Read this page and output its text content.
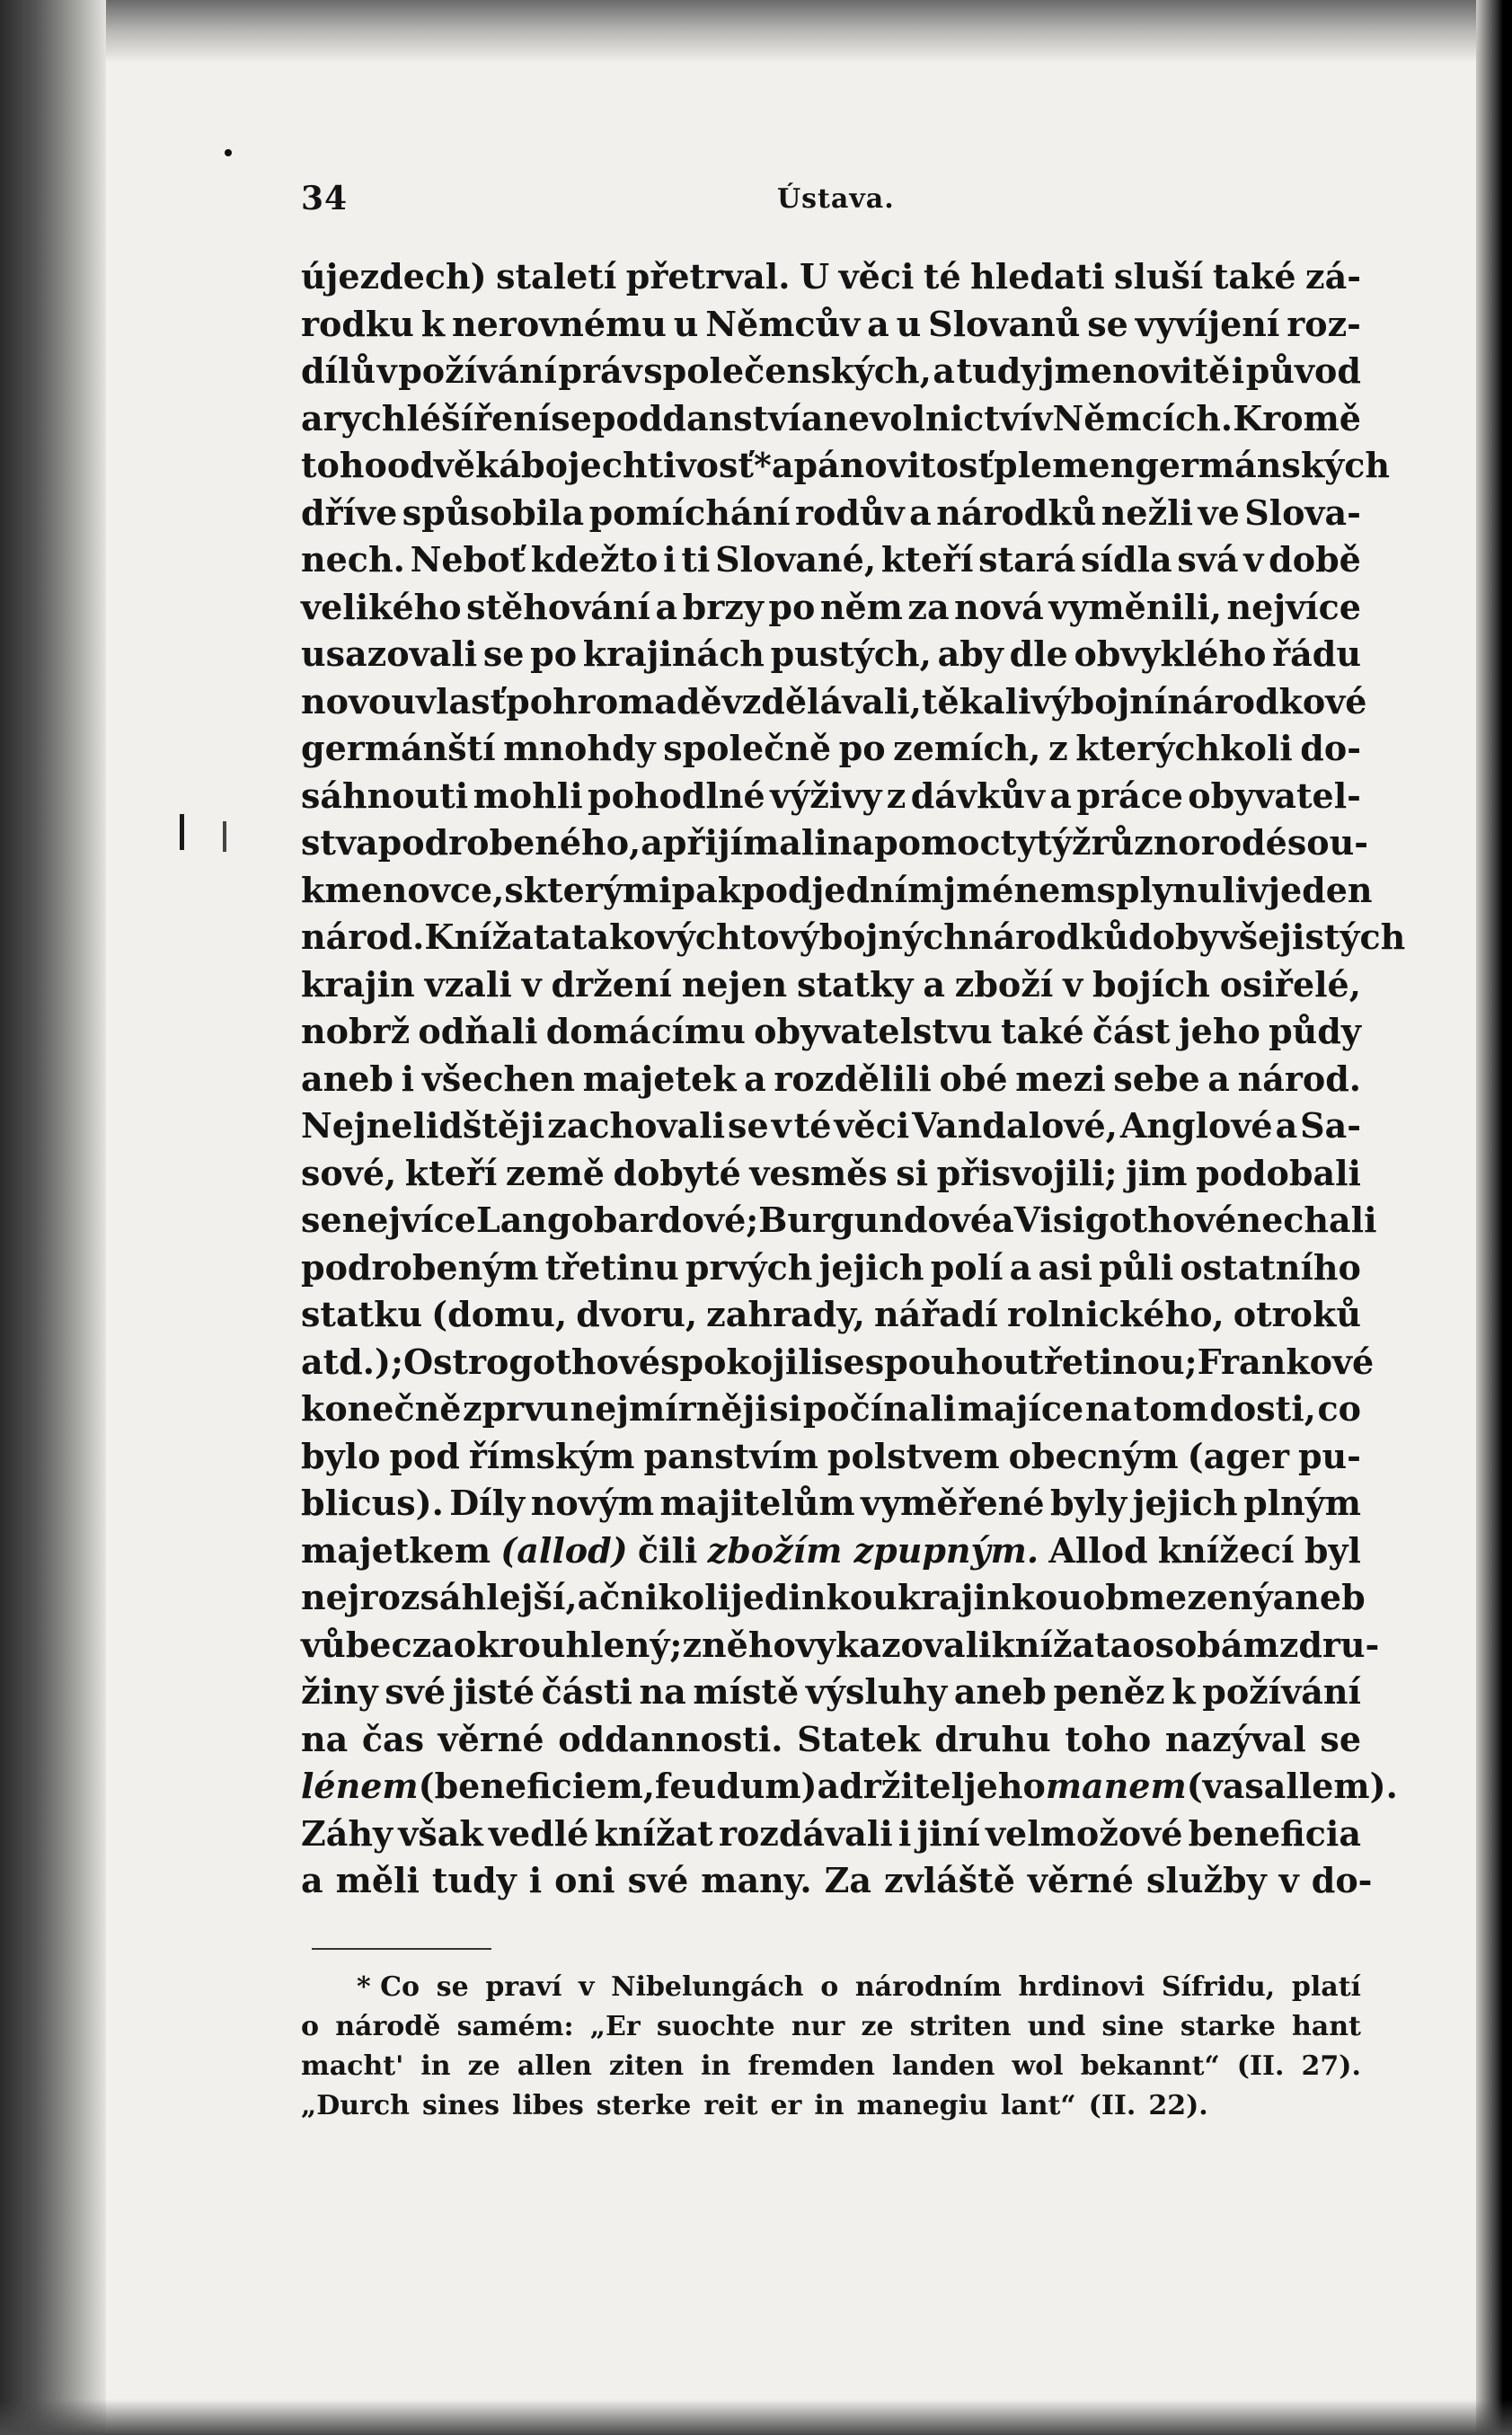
34	Ústava.
újezdech) staletí přetrval. U věci té hledati sluší také zá-
rodku k nerovnému u Němcův a u Slovanů se vyvíjení roz-
dílů v požívání práv společenských, a tudy jmenovitě i původ
a rychlé šíření se poddanství a nevolnictví v Němcích. Kromě
toho odvěká bojechtivosť* a pánovitosť plemen germánských
dříve spůsobila pomíchání rodův a národků nežli ve Slova-
nech. Neboť kdežto i ti Slované, kteří stará sídla svá v době
velikého stěhování a brzy po něm za nová vyměnili, nejvíce
usazovali se po krajinách pustých, aby dle obvyklého řádu
novou vlasť pohromadě vzdělávali, těkali výbojní národkové
germánští mnohdy společně po zemích, z kterýchkoli do-
sáhnouti mohli pohodlné výživy z dávkův a práce obyvatel-
stva podrobeného, a přijímali na pomoc tytýž různorodé sou-
kmenovce, s kterými pak pod jedním jménem splynuli v jeden
národ. Knížata takovýchto výbojných národků dobyvše jistých
krajin vzali v držení nejen statky a zboží v bojích osiřelé,
nobrž odňali domácímu obyvatelstvu také část jeho půdy
aneb i všechen majetek a rozdělili obé mezi sebe a národ.
Nejnelidštěji zachovali se v té věci Vandalové, Anglové a Sa-
sové, kteří země dobyté vesměs si přisvojili; jim podobali
se nejvíce Langobardové; Burgundové a Visigothové nechali
podrobeným třetinu prvých jejich polí a asi půli ostatního
statku (domu, dvoru, zahrady, nářadí rolnického, otroků
atd.); Ostrogothové spokojili se s pouhou třetinou; Frankové
konečně zprvu nejmírněji si počínali majíce na tom dosti, co
bylo pod římským panstvím polstvem obecným (ager pu-
blicus). Díly novým majitelům vyměřené byly jejich plným
majetkem (allod) čili zbožím zpupným. Allod knížecí byl
nejrozsáhlejší, ač nikoli jedinkou krajinkou obmezený aneb
vůbec zaokrouhlený; z něho vykazovali knížata osobám z dru-
žiny své jisté části na místě výsluhy aneb peněz k požívání
na čas věrné oddannosti. Statek druhu toho nazýval se
lénem (beneficiem, feudum) a držitel jeho manem (vasallem).
Záhy však vedlé knížat rozdávali i jiní velmožové beneficia
a měli tudy i oni své many. Za zvláště věrné služby v do-
* Co se praví v Nibelungách o národním hrdinovi Sífridu, platí
o národě samém: „Er suochte nur ze striten und sine starke hant
macht' in ze allen ziten in fremden landen wol bekannt“ (II. 27).
„Durch sines libes sterke reit er in manegiu lant“ (II. 22).
